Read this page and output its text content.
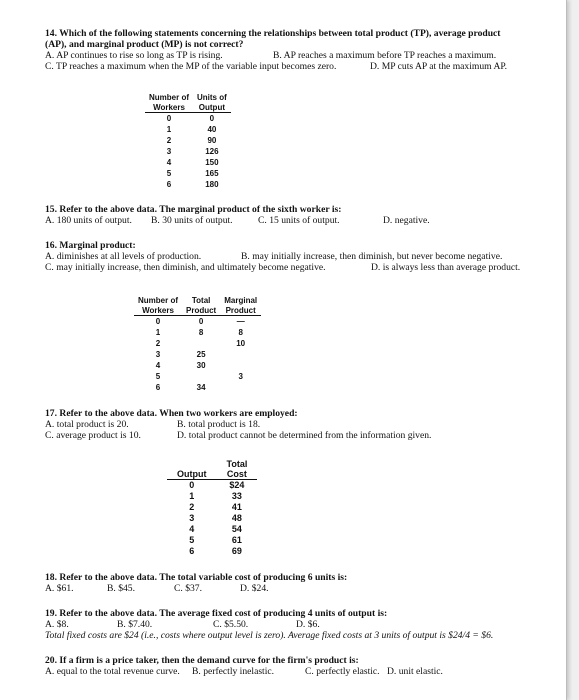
14. Which of the following statements concerning the relationships between total product (TP), average product
(AP), and marginal product (MP) is not correct?
A. AP continues to rise so long as TP is rising.	B. AP reaches a maximum before TP reaches a maximum.
C. TP reaches a maximum when the MP of the variable input becomes zero.	D. MP cuts AP at the maximum AP.
Number of	Units of
Workers	Output
0	0
1	40
2	90
3	126
4	150
5	165
6	180
15. Refer to the above data. The marginal product of the sixth worker is:
A. 180 units of output. B. 30 units of output.	C. 15 units of output.	D. negative.
16. Marginal product:
A. diminishes at all levels of production.	B. may initially increase, then diminish, but never become negative.
C. may initially increase, then diminish, and ultimately become negative.	D. is always less than average product.
Number of	Total	Marginal
Workers	Product	Product
0	0	—
1	8	8
2		10
3	25	
4	30	
5		3
6	34	
17. Refer to the above data. When two workers are employed:
A. total product is 20.	B. total product is 18.
C. average product is 10.	D. total product cannot be determined from the information given.
	Total
Output	Cost
0	$24
1	33
2	41
3	48
4	54
5	61
6	69
18. Refer to the above data. The total variable cost of producing 6 units is:
A. $61.	B. $45.	C. $37.	D. $24.
19. Refer to the above data. The average fixed cost of producing 4 units of output is:
A. $8.	B. $7.40.	C. $5.50.	D. $6.
Total fixed costs are $24 (i.e., costs where output level is zero). Average fixed costs at 3 units of output is $24/4 = $6.
20. If a firm is a price taker, then the demand curve for the firm's product is:
A. equal to the total revenue curve. B. perfectly inelastic.	C. perfectly elastic. D. unit elastic.
